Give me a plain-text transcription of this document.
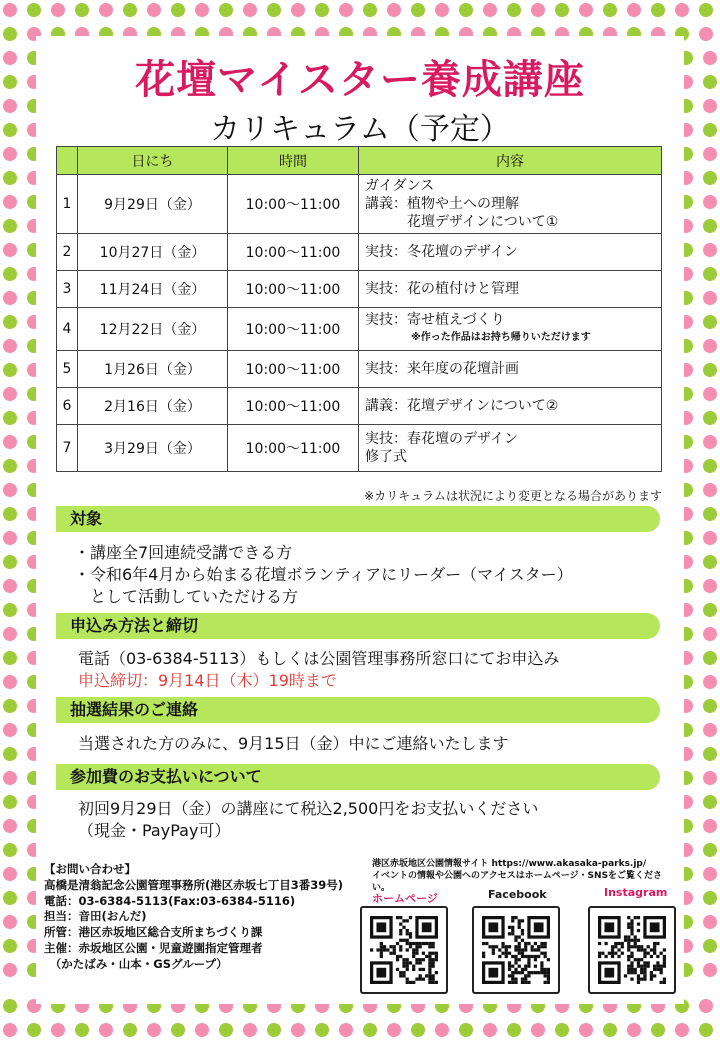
花壇マイスター養成講座
カリキュラム（予定）
	日にち	時間	内容
1	9月29日（金）	10:00～11:00	ガイダンス
講義：植物や土への理解
　　　花壇デザインについて①

2	10月27日（金）	10:00～11:00	実技：冬花壇のデザイン

3	11月24日（金）	10:00～11:00	実技：花の植付けと管理

4	12月22日（金）	10:00～11:00	実技：寄せ植えづくり
※作った作品はお持ち帰りいただけます

5	1月26日（金）	10:00～11:00	実技：来年度の花壇計画

6	2月16日（金）	10:00～11:00	講義：花壇デザインについて②

7	3月29日（金）	10:00～11:00	実技：春花壇のデザイン
修了式
※カリキュラムは状況により変更となる場合があります
対象
・講座全7回連続受講できる方
・令和6年4月から始まる花壇ボランティアにリーダー（マイスター）
　として活動していただける方
申込み方法と締切
電話（03-6384-5113）もしくは公園管理事務所窓口にてお申込み
申込締切：9月14日（木）19時まで
抽選結果のご連絡
当選された方のみに、9月15日（金）中にご連絡いたします
参加費のお支払いについて
初回9月29日（金）の講座にて税込2,500円をお支払いください
（現金・PayPay可）
【お問い合わせ】
高橋是清翁記念公園管理事務所(港区赤坂七丁目3番39号)
電話：03-6384-5113(Fax:03-6384-5116)
担当：音田(おんだ)
所管：港区赤坂地区総合支所まちづくり課
主催：赤坂地区公園・児童遊園指定管理者
　（かたばみ・山本・GSグループ）
港区赤坂地区公園情報サイト https://www.akasaka-parks.jp/
イベントの情報や公園へのアクセスはホームページ・SNSをご覧ください。
ホームページ	Facebook	Instagram
